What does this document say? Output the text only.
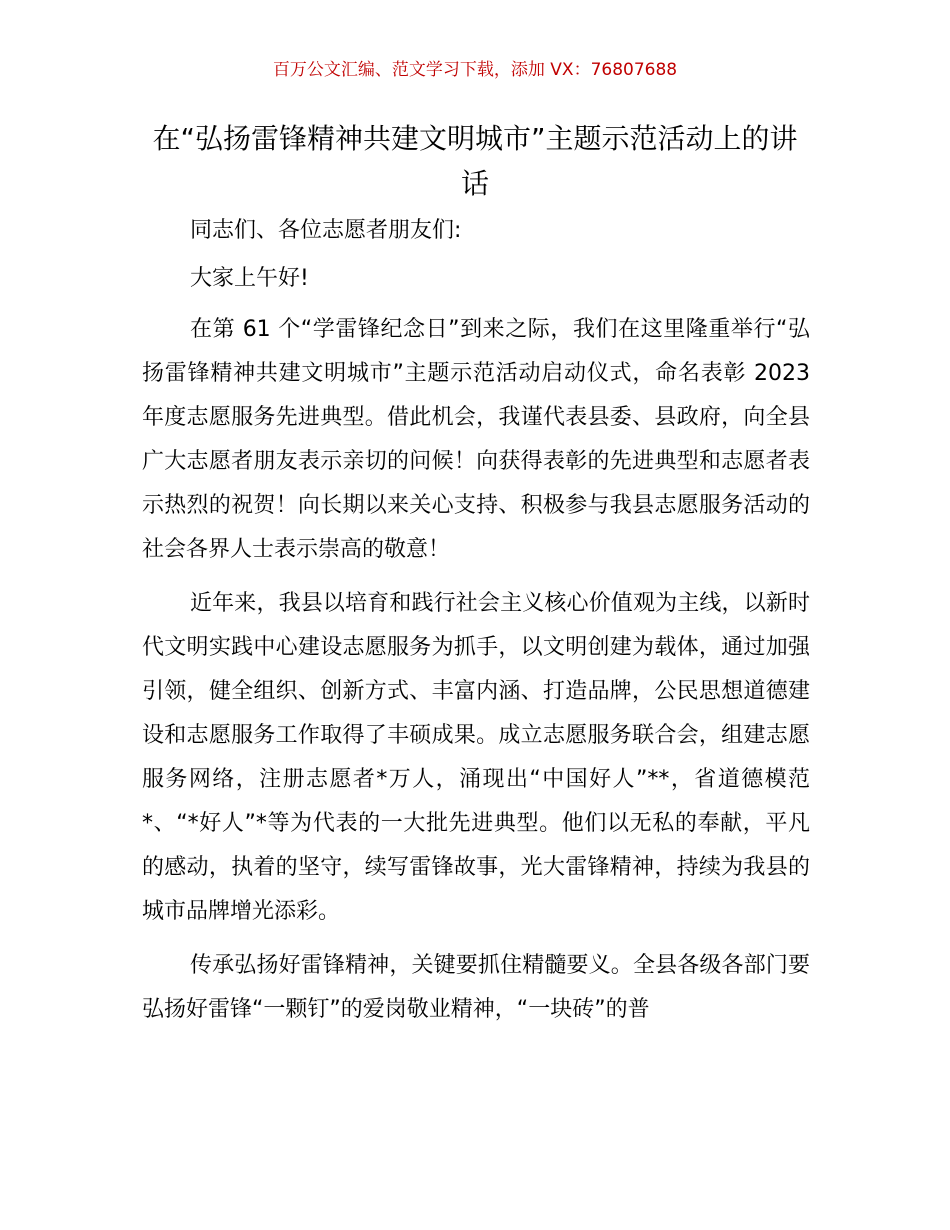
百万公文汇编、范文学习下载，添加 VX：76807688
在“弘扬雷锋精神共建文明城市”主题示范活动上的讲话

同志们、各位志愿者朋友们:

大家上午好!

在第 61 个“学雷锋纪念日”到来之际，我们在这里隆重举行“弘扬雷锋精神共建文明城市”主题示范活动启动仪式，命名表彰 2023 年度志愿服务先进典型。借此机会，我谨代表县委、县政府，向全县广大志愿者朋友表示亲切的问候！向获得表彰的先进典型和志愿者表示热烈的祝贺！向长期以来关心支持、积极参与我县志愿服务活动的社会各界人士表示崇高的敬意！

近年来，我县以培育和践行社会主义核心价值观为主线，以新时代文明实践中心建设志愿服务为抓手，以文明创建为载体，通过加强引领，健全组织、创新方式、丰富内涵、打造品牌，公民思想道德建设和志愿服务工作取得了丰硕成果。成立志愿服务联合会，组建志愿服务网络，注册志愿者*万人，涌现出“中国好人”**，省道德模范*、“*好人”*等为代表的一大批先进典型。他们以无私的奉献，平凡的感动，执着的坚守，续写雷锋故事，光大雷锋精神，持续为我县的城市品牌增光添彩。

传承弘扬好雷锋精神，关键要抓住精髓要义。全县各级各部门要弘扬好雷锋“一颗钉”的爱岗敬业精神，“一块砖”的普
